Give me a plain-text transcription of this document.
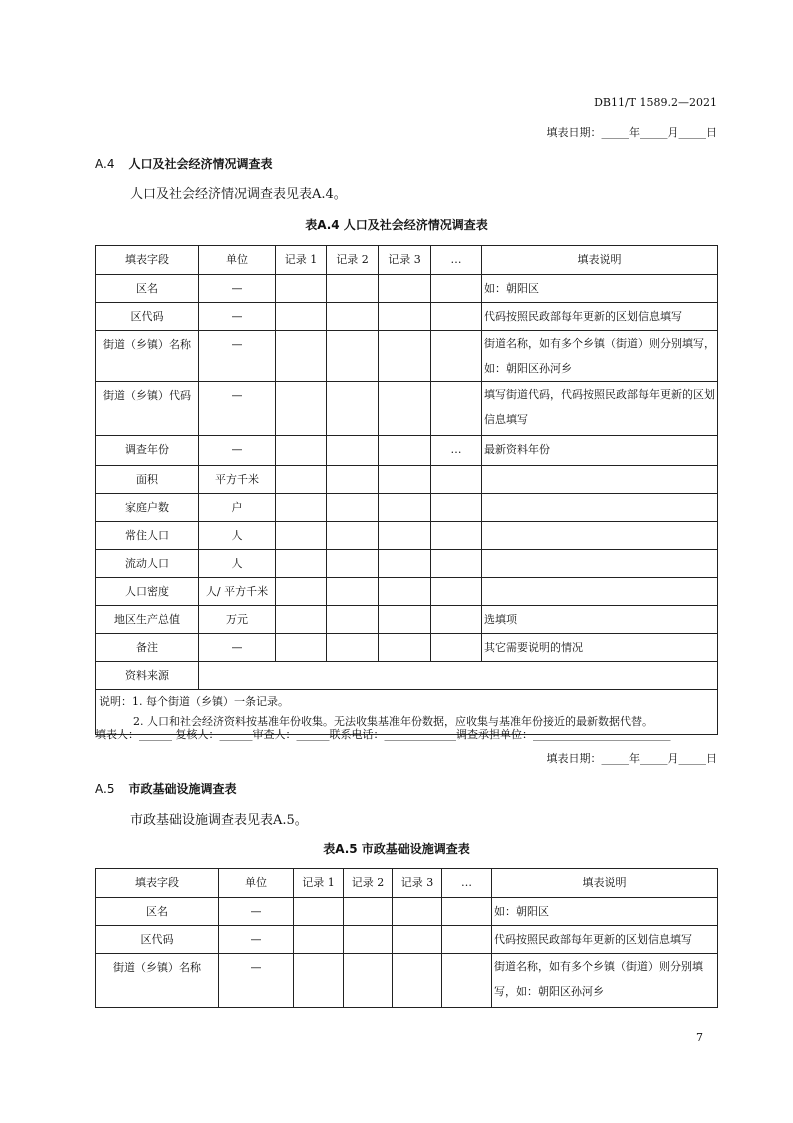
DB11/T 1589.2—2021
填表日期：_____年_____月_____日
A.4 人口及社会经济情况调查表
人口及社会经济情况调查表见表A.4。
表A.4 人口及社会经济情况调查表
填表字段	单位	记录 1	记录 2	记录 3	…	填表说明
区名	—					如：朝阳区
区代码	—					代码按照民政部每年更新的区划信息填写
街道（乡镇）名称	—					街道名称，如有多个乡镇（街道）则分别填写，如：朝阳区孙河乡
街道（乡镇）代码	—					填写街道代码，代码按照民政部每年更新的区划信息填写
调查年份	—				…	最新资料年份
面积	平方千米					
家庭户数	户					
常住人口	人					
流动人口	人					
人口密度	人/ 平方千米					
地区生产总值	万元					选填项
备注	—					其它需要说明的情况
资料来源						

说明：1. 每个街道（乡镇）一条记录。
2. 人口和社会经济资料按基准年份收集。无法收集基准年份数据，应收集与基准年份接近的最新数据代替。						
填表人：______ 复核人：______审查人：______联系电话：_____________调查承担单位：_________________________
填表日期：_____年_____月_____日
A.5 市政基础设施调查表
市政基础设施调查表见表A.5。
表A.5 市政基础设施调查表
填表字段	单位	记录 1	记录 2	记录 3	…	填表说明
区名	—					如：朝阳区
区代码	—					代码按照民政部每年更新的区划信息填写
街道（乡镇）名称	—					街道名称，如有多个乡镇（街道）则分别填写，如：朝阳区孙河乡
7
